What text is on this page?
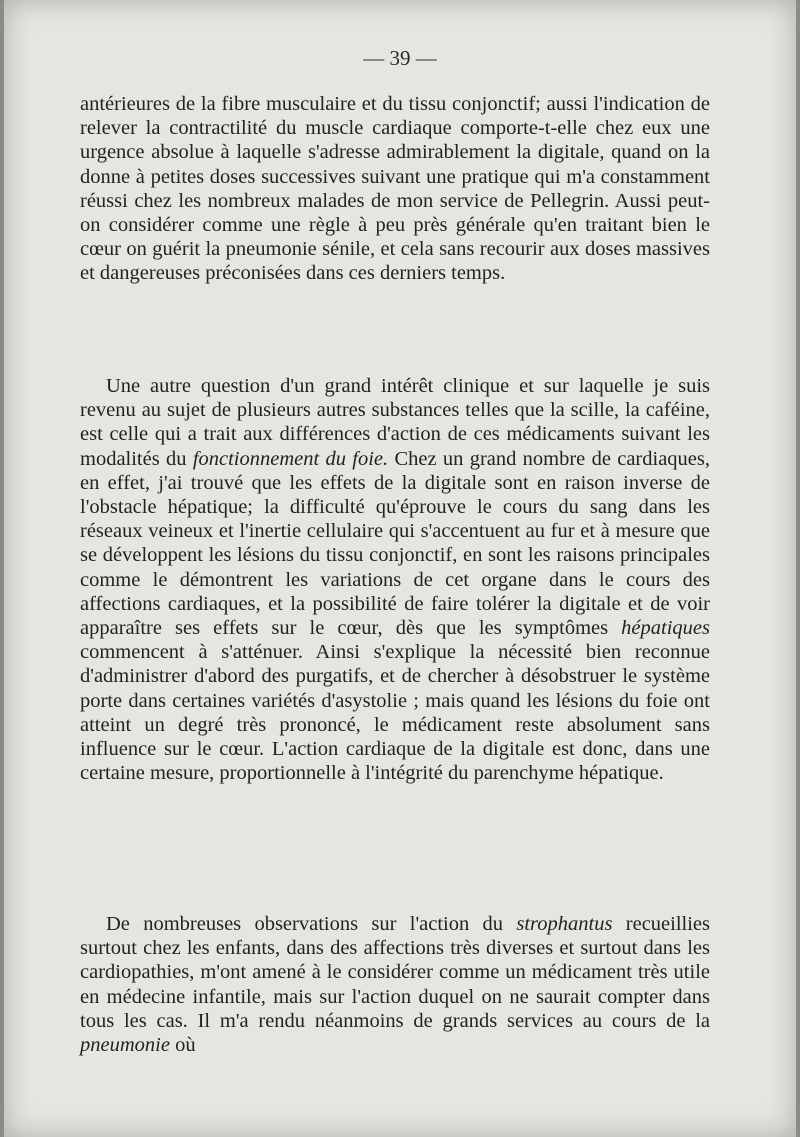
— 39 —

antérieures de la fibre musculaire et du tissu conjonctif; aussi l'indication de relever la contractilité du muscle cardiaque comporte-t-elle chez eux une urgence absolue à laquelle s'adresse admirablement la digitale, quand on la donne à petites doses successives suivant une pratique qui m'a constamment réussi chez les nombreux malades de mon service de Pellegrin. Aussi peut-on considérer comme une règle à peu près générale qu'en traitant bien le cœur on guérit la pneumonie sénile, et cela sans recourir aux doses massives et dangereuses préconisées dans ces derniers temps.

Une autre question d'un grand intérêt clinique et sur laquelle je suis revenu au sujet de plusieurs autres substances telles que la scille, la caféine, est celle qui a trait aux différences d'action de ces médicaments suivant les modalités du fonctionnement du foie. Chez un grand nombre de cardiaques, en effet, j'ai trouvé que les effets de la digitale sont en raison inverse de l'obstacle hépatique; la difficulté qu'éprouve le cours du sang dans les réseaux veineux et l'inertie cellulaire qui s'accentuent au fur et à mesure que se développent les lésions du tissu conjonctif, en sont les raisons principales comme le démontrent les variations de cet organe dans le cours des affections cardiaques, et la possibilité de faire tolérer la digitale et de voir apparaître ses effets sur le cœur, dès que les symptômes hépatiques commencent à s'atténuer. Ainsi s'explique la nécessité bien reconnue d'administrer d'abord des purgatifs, et de chercher à désobstruer le système porte dans certaines variétés d'asystolie ; mais quand les lésions du foie ont atteint un degré très prononcé, le médicament reste absolument sans influence sur le cœur. L'action cardiaque de la digitale est donc, dans une certaine mesure, proportionnelle à l'intégrité du parenchyme hépatique.

De nombreuses observations sur l'action du strophantus recueillies surtout chez les enfants, dans des affections très diverses et surtout dans les cardiopathies, m'ont amené à le considérer comme un médicament très utile en médecine infantile, mais sur l'action duquel on ne saurait compter dans tous les cas. Il m'a rendu néanmoins de grands services au cours de la pneumonie où
